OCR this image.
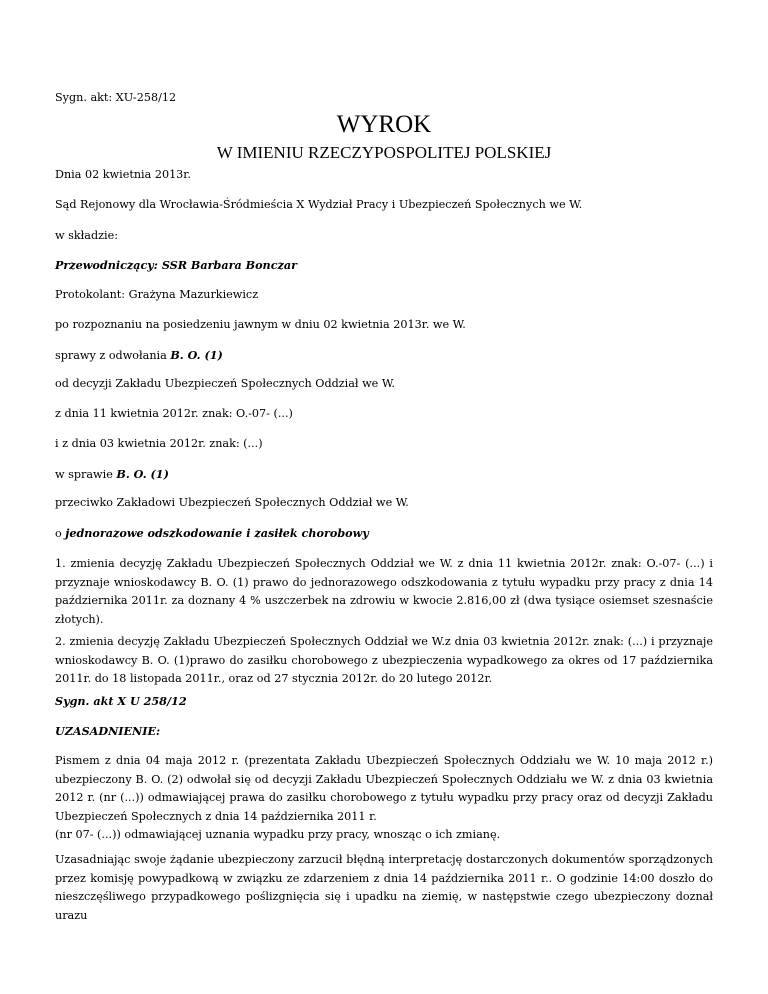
Sygn. akt: XU-258/12

WYROK
W IMIENIU RZECZYPOSPOLITEJ POLSKIEJ

Dnia 02 kwietnia 2013r.

Sąd Rejonowy dla Wrocławia-Śródmieścia X Wydział Pracy i Ubezpieczeń Społecznych we W.

w składzie:

Przewodniczący: SSR Barbara Bonczar

Protokolant: Grażyna Mazurkiewicz

po rozpoznaniu na posiedzeniu jawnym w dniu 02 kwietnia 2013r. we W.

sprawy z odwołania B. O. (1)

od decyzji Zakładu Ubezpieczeń Społecznych Oddział we W.

z dnia 11 kwietnia 2012r. znak: O.-07- (...)

i z dnia 03 kwietnia 2012r. znak: (...)

w sprawie B. O. (1)

przeciwko Zakładowi Ubezpieczeń Społecznych Oddział we W.

o jednorazowe odszkodowanie i zasiłek chorobowy

1. zmienia decyzję Zakładu Ubezpieczeń Społecznych Oddział we W. z dnia 11 kwietnia 2012r. znak: O.-07- (...) i przyznaje wnioskodawcy B. O. (1) prawo do jednorazowego odszkodowania z tytułu wypadku przy pracy z dnia 14 października 2011r. za doznany 4 % uszczerbek na zdrowiu w kwocie 2.816,00 zł (dwa tysiące osiemset szesnaście złotych).

2. zmienia decyzję Zakładu Ubezpieczeń Społecznych Oddział we W.z dnia 03 kwietnia 2012r. znak: (...) i przyznaje wnioskodawcy B. O. (1)prawo do zasiłku chorobowego z ubezpieczenia wypadkowego za okres od 17 października 2011r. do 18 listopada 2011r., oraz od 27 stycznia 2012r. do 20 lutego 2012r.

Sygn. akt X U 258/12

UZASADNIENIE:

Pismem z dnia 04 maja 2012 r. (prezentata Zakładu Ubezpieczeń Społecznych Oddziału we W. 10 maja 2012 r.) ubezpieczony B. O. (2) odwołał się od decyzji Zakładu Ubezpieczeń Społecznych Oddziału we W. z dnia 03 kwietnia 2012 r. (nr (...)) odmawiającej prawa do zasiłku chorobowego z tytułu wypadku przy pracy oraz od decyzji Zakładu Ubezpieczeń Społecznych z dnia 14 października 2011 r.
(nr 07- (...)) odmawiającej uznania wypadku przy pracy, wnosząc o ich zmianę.

Uzasadniając swoje żądanie ubezpieczony zarzucił błędną interpretację dostarczonych dokumentów sporządzonych przez komisję powypadkową w związku ze zdarzeniem z dnia 14 października 2011 r.. O godzinie 14:00 doszło do nieszczęśliwego przypadkowego poślizgnięcia się i upadku na ziemię, w następstwie czego ubezpieczony doznał urazu
